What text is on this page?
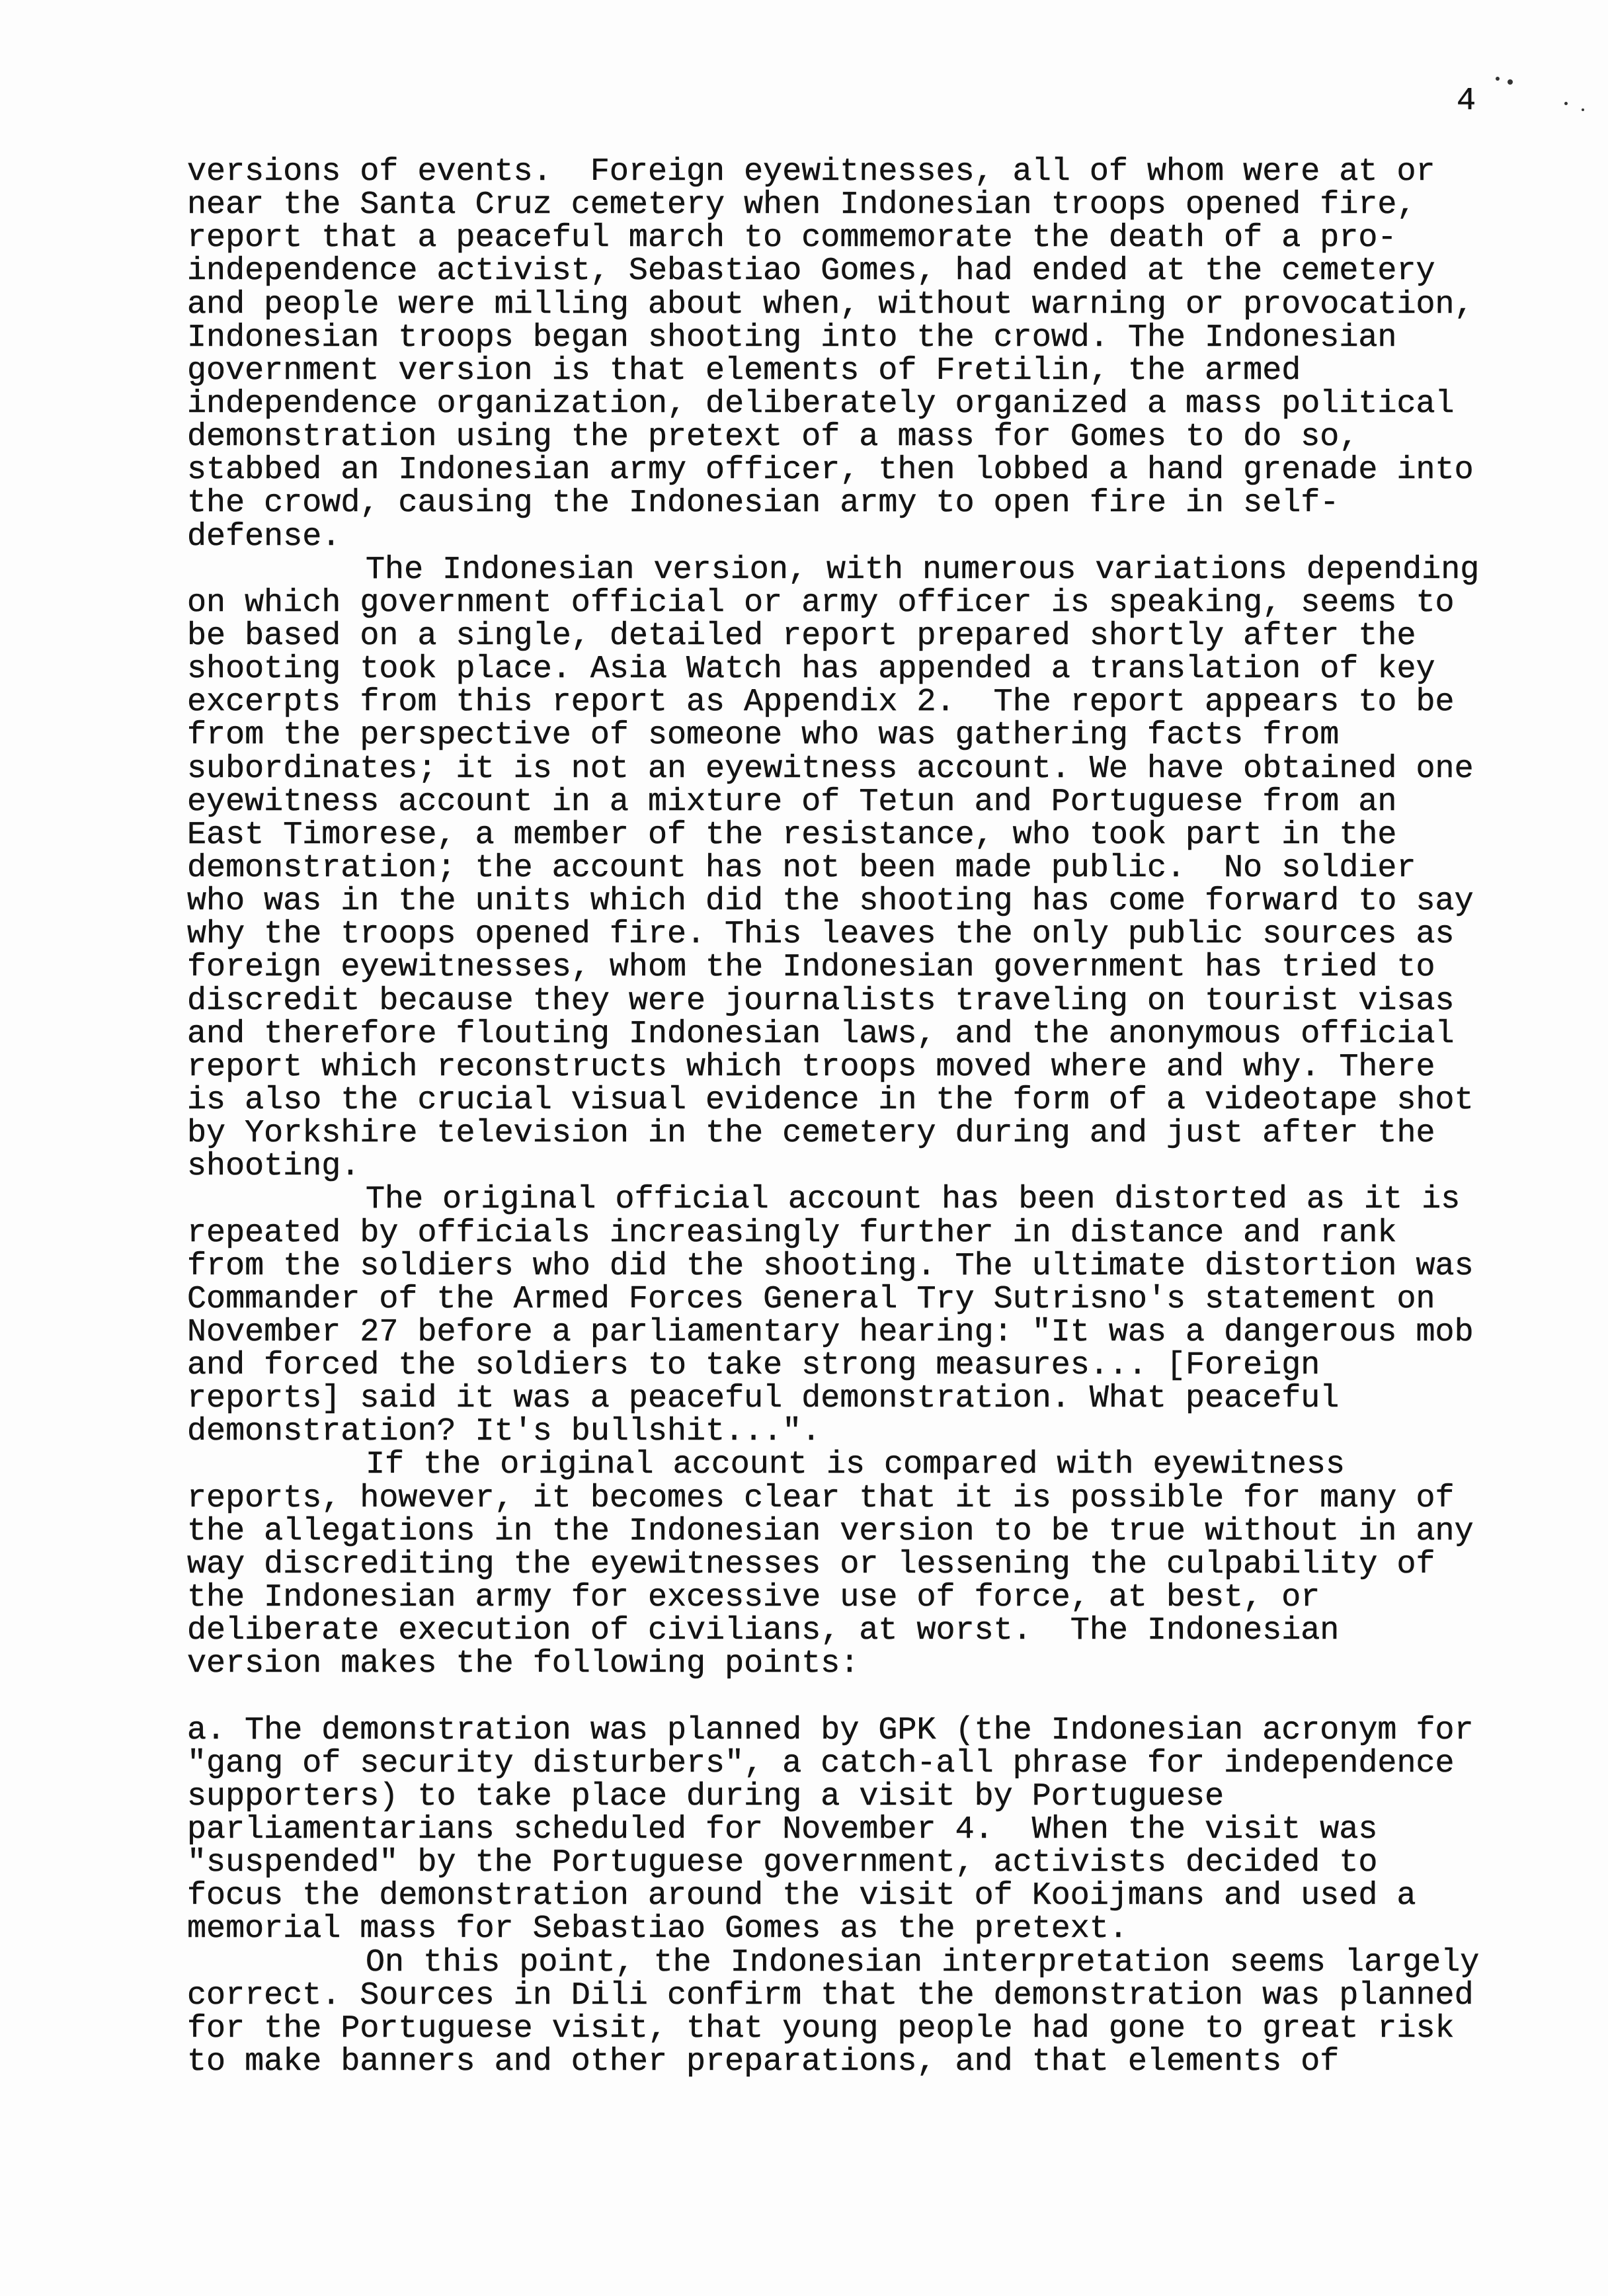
4
versions of events.  Foreign eyewitnesses, all of whom were at or
near the Santa Cruz cemetery when Indonesian troops opened fire,
report that a peaceful march to commemorate the death of a pro-
independence activist, Sebastiao Gomes, had ended at the cemetery
and people were milling about when, without warning or provocation,
Indonesian troops began shooting into the crowd. The Indonesian
government version is that elements of Fretilin, the armed
independence organization, deliberately organized a mass political
demonstration using the pretext of a mass for Gomes to do so,
stabbed an Indonesian army officer, then lobbed a hand grenade into
the crowd, causing the Indonesian army to open fire in self-
defense.
The Indonesian version, with numerous variations depending
on which government official or army officer is speaking, seems to
be based on a single, detailed report prepared shortly after the
shooting took place. Asia Watch has appended a translation of key
excerpts from this report as Appendix 2.  The report appears to be
from the perspective of someone who was gathering facts from
subordinates; it is not an eyewitness account. We have obtained one
eyewitness account in a mixture of Tetun and Portuguese from an
East Timorese, a member of the resistance, who took part in the
demonstration; the account has not been made public.  No soldier
who was in the units which did the shooting has come forward to say
why the troops opened fire. This leaves the only public sources as
foreign eyewitnesses, whom the Indonesian government has tried to
discredit because they were journalists traveling on tourist visas
and therefore flouting Indonesian laws, and the anonymous official
report which reconstructs which troops moved where and why. There
is also the crucial visual evidence in the form of a videotape shot
by Yorkshire television in the cemetery during and just after the
shooting.
The original official account has been distorted as it is
repeated by officials increasingly further in distance and rank
from the soldiers who did the shooting. The ultimate distortion was
Commander of the Armed Forces General Try Sutrisno's statement on
November 27 before a parliamentary hearing: "It was a dangerous mob
and forced the soldiers to take strong measures... [Foreign
reports] said it was a peaceful demonstration. What peaceful
demonstration? It's bullshit...".
If the original account is compared with eyewitness
reports, however, it becomes clear that it is possible for many of
the allegations in the Indonesian version to be true without in any
way discrediting the eyewitnesses or lessening the culpability of
the Indonesian army for excessive use of force, at best, or
deliberate execution of civilians, at worst.  The Indonesian
version makes the following points:
a. The demonstration was planned by GPK (the Indonesian acronym for
"gang of security disturbers", a catch-all phrase for independence
supporters) to take place during a visit by Portuguese
parliamentarians scheduled for November 4.  When the visit was
"suspended" by the Portuguese government, activists decided to
focus the demonstration around the visit of Kooijmans and used a
memorial mass for Sebastiao Gomes as the pretext.
On this point, the Indonesian interpretation seems largely
correct. Sources in Dili confirm that the demonstration was planned
for the Portuguese visit, that young people had gone to great risk
to make banners and other preparations, and that elements of
